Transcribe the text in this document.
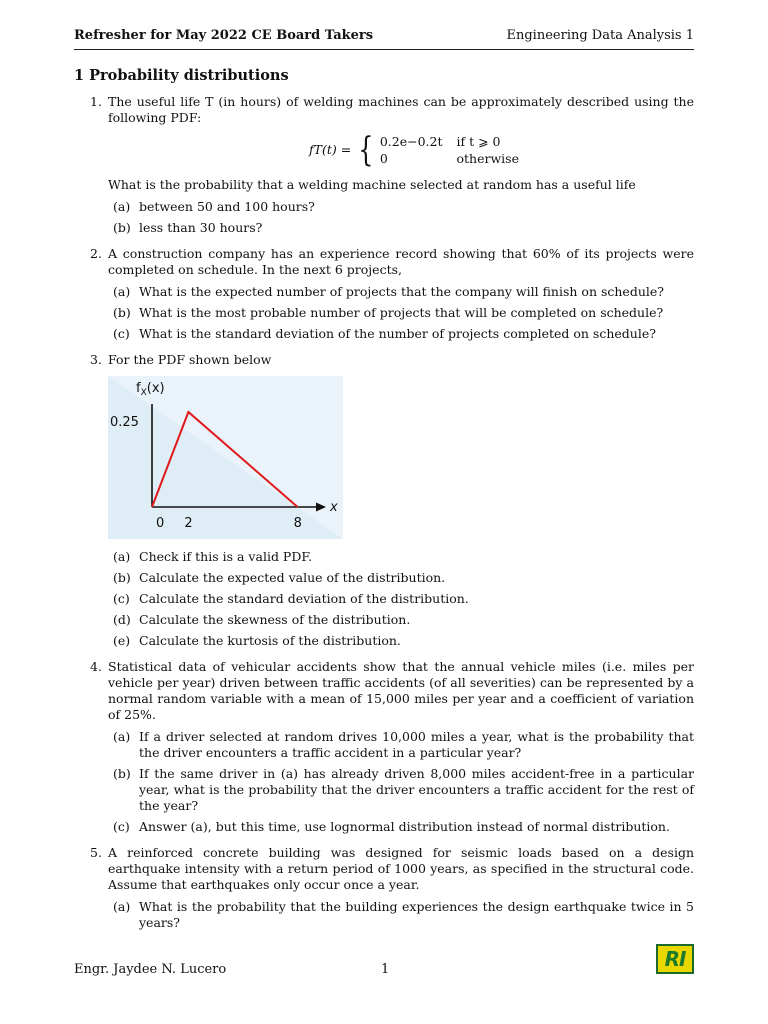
Refresher for May 2022 CE Board Takers	Engineering Data Analysis 1
1 Probability distributions
1. The useful life T (in hours) of welding machines can be approximately described using the following PDF:
fT(t) = { 0.2e−0.2t	if t ⩾ 0
0	otherwise
What is the probability that a welding machine selected at random has a useful life
(a) between 50 and 100 hours?
(b) less than 30 hours?
2. A construction company has an experience record showing that 60% of its projects were completed on schedule. In the next 6 projects,
(a) What is the expected number of projects that the company will finish on schedule?
(b) What is the most probable number of projects that will be completed on schedule?
(c) What is the standard deviation of the number of projects completed on schedule?
3. For the PDF shown below
$f_X(x)$
x
0.25
0 2	8
(a) Check if this is a valid PDF.
(b) Calculate the expected value of the distribution.
(c) Calculate the standard deviation of the distribution.
(d) Calculate the skewness of the distribution.
(e) Calculate the kurtosis of the distribution.
4. Statistical data of vehicular accidents show that the annual vehicle miles (i.e. miles per vehicle per year) driven between traffic accidents (of all severities) can be represented by a normal random variable with a mean of 15,000 miles per year and a coefficient of variation of 25%.
(a) If a driver selected at random drives 10,000 miles a year, what is the probability that the driver encounters a traffic accident in a particular year?
(b) If the same driver in (a) has already driven 8,000 miles accident-free in a particular year, what is the probability that the driver encounters a traffic accident for the rest of the year?
(c) Answer (a), but this time, use lognormal distribution instead of normal distribution.
5. A reinforced concrete building was designed for seismic loads based on a design earthquake intensity with a return period of 1000 years, as specified in the structural code. Assume that earthquakes only occur once a year.
(a) What is the probability that the building experiences the design earthquake twice in 5 years?
Engr. Jaydee N. Lucero	1	RI
